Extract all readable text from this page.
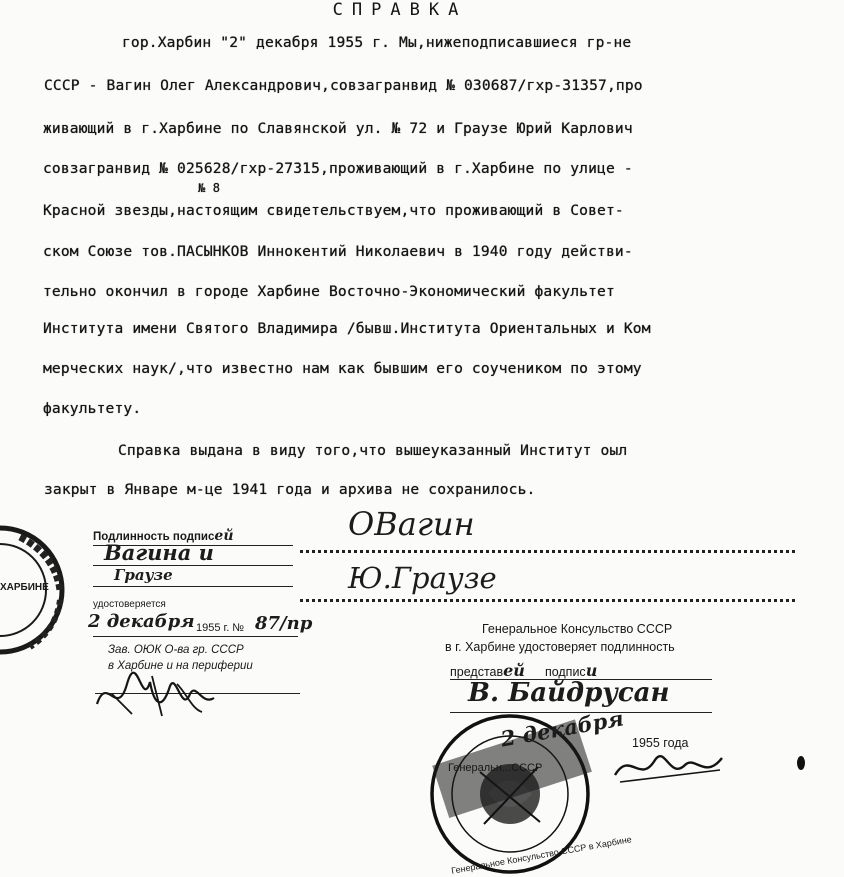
СПРАВКА
гор.Харбин "2" декабря 1955 г. Мы,нижеподписавшиеся гр-не
СССР - Вагин Олег Александрович,совзагранвид № 030687/гхр-31357,про
живающий в г.Харбине по Славянской ул. № 72 и Граузе Юрий Карлович
совзагранвид № 025628/гхр-27315,проживающий в г.Харбине по улице -
№ 8
Красной звезды,настоящим свидетельствуем,что проживающий в Совет-
ском Союзе тов.ПАСЫНКОВ Иннокентий Николаевич в 1940 году действи-
тельно окончил в городе Харбине Восточно-Экономический факультет
Института имени Святого Владимира /бывш.Института Ориентальных и Ком
мерческих наук/,что известно нам как бывшим его соучеником по этому
факультету.
Справка выдана в виду того,что вышеуказанный Институт оыл
закрыт в Январе м-це 1941 года и архива не сохранилось.
ХАРБИНЕ
Подлинность подписей
Вагина и
Граузе
удостоверяется
2 декабря 1955 г. № 87/пр
Зав. ОЮК О-ва гр. СССР
в Харбине и на периферии
OВагин
Ю.Граузе
Генеральное Консульство СССР
в г. Харбине удостоверяет подлинность
представей подписи
В. Байдрусан
Генеральное Консульство СССР в Харбине
2 декабря 1955 года
Генеральн...СССР
